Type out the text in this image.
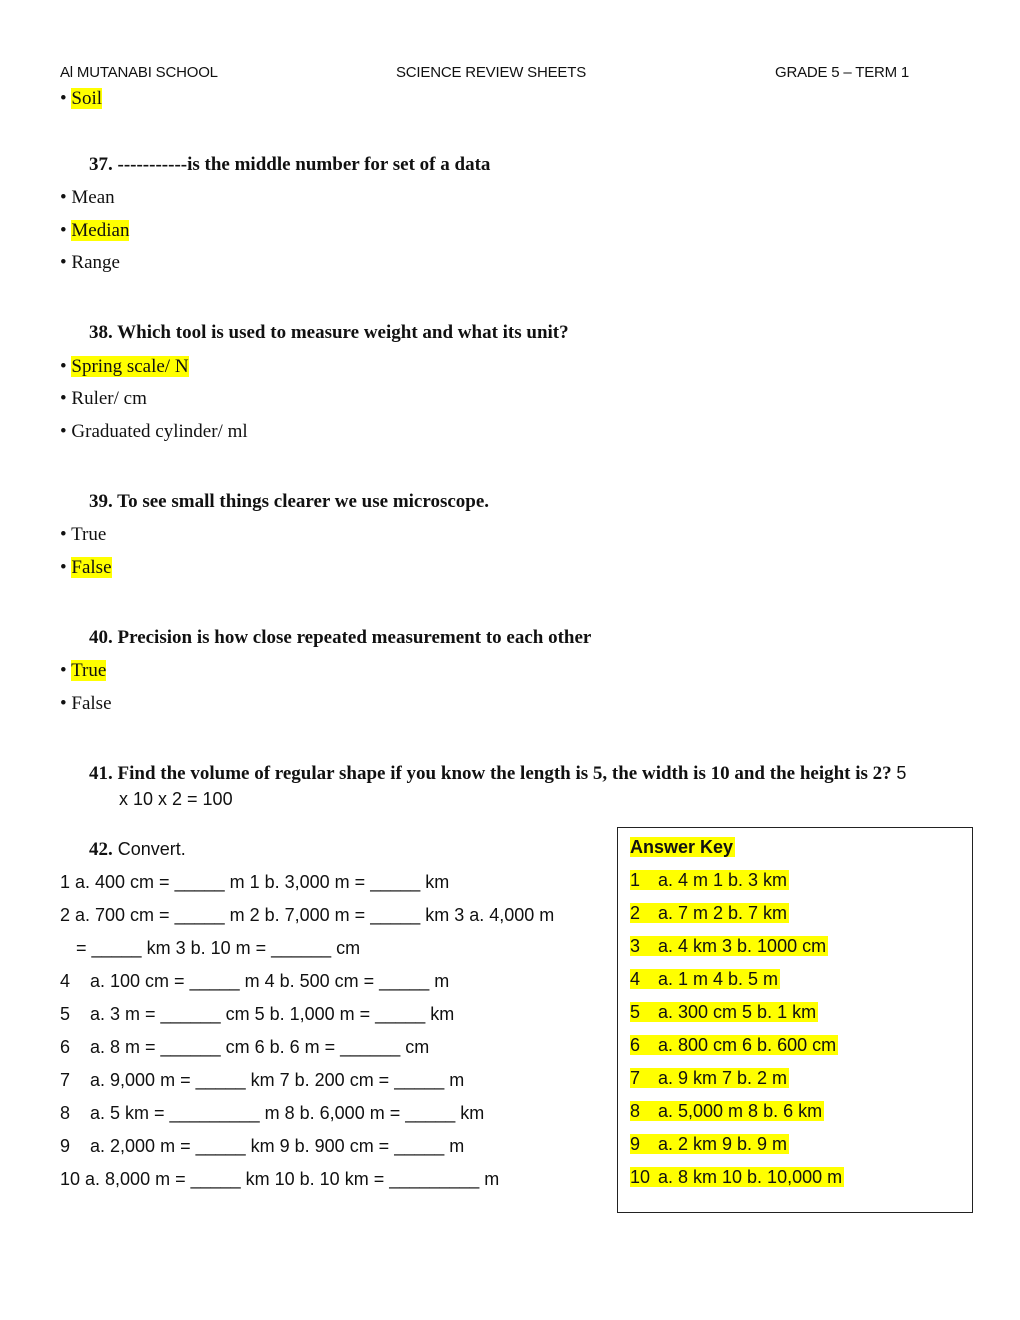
Al MUTANABI SCHOOL	SCIENCE REVIEW SHEETS	GRADE 5 – TERM 1
• Soil
37. -----------is the middle number for set of a data
• Mean
• Median
• Range
38. Which tool is used to measure weight and what its unit?
• Spring scale/ N
• Ruler/ cm
• Graduated cylinder/ ml
39. To see small things clearer we use microscope.
• True
• False
40. Precision is how close repeated measurement to each other
• True
• False
41. Find the volume of regular shape if you know the length is 5, the width is 10 and the height is 2? 5
x 10 x 2 = 100
42. Convert.
1 a. 400 cm = _____ m 1 b. 3,000 m = _____ km
2 a. 700 cm = _____ m 2 b. 7,000 m = _____ km 3 a. 4,000 m
= _____ km 3 b. 10 m = ______ cm
4    a. 100 cm = _____ m 4 b. 500 cm = _____ m
5    a. 3 m = ______ cm 5 b. 1,000 m = _____ km
6    a. 8 m = ______ cm 6 b. 6 m = ______ cm
7    a. 9,000 m = _____ km 7 b. 200 cm = _____ m
8    a. 5 km = _________ m 8 b. 6,000 m = _____ km
9    a. 2,000 m = _____ km 9 b. 900 cm = _____ m
10 a. 8,000 m = _____ km 10 b. 10 km = _________ m
Answer Key
1 a. 4 m 1 b. 3 km
2 a. 7 m 2 b. 7 km
3 a. 4 km 3 b. 1000 cm
4 a. 1 m 4 b. 5 m
5 a. 300 cm 5 b. 1 km
6 a. 800 cm 6 b. 600 cm
7 a. 9 km 7 b. 2 m
8 a. 5,000 m 8 b. 6 km
9 a. 2 km 9 b. 9 m
10 a. 8 km 10 b. 10,000 m
